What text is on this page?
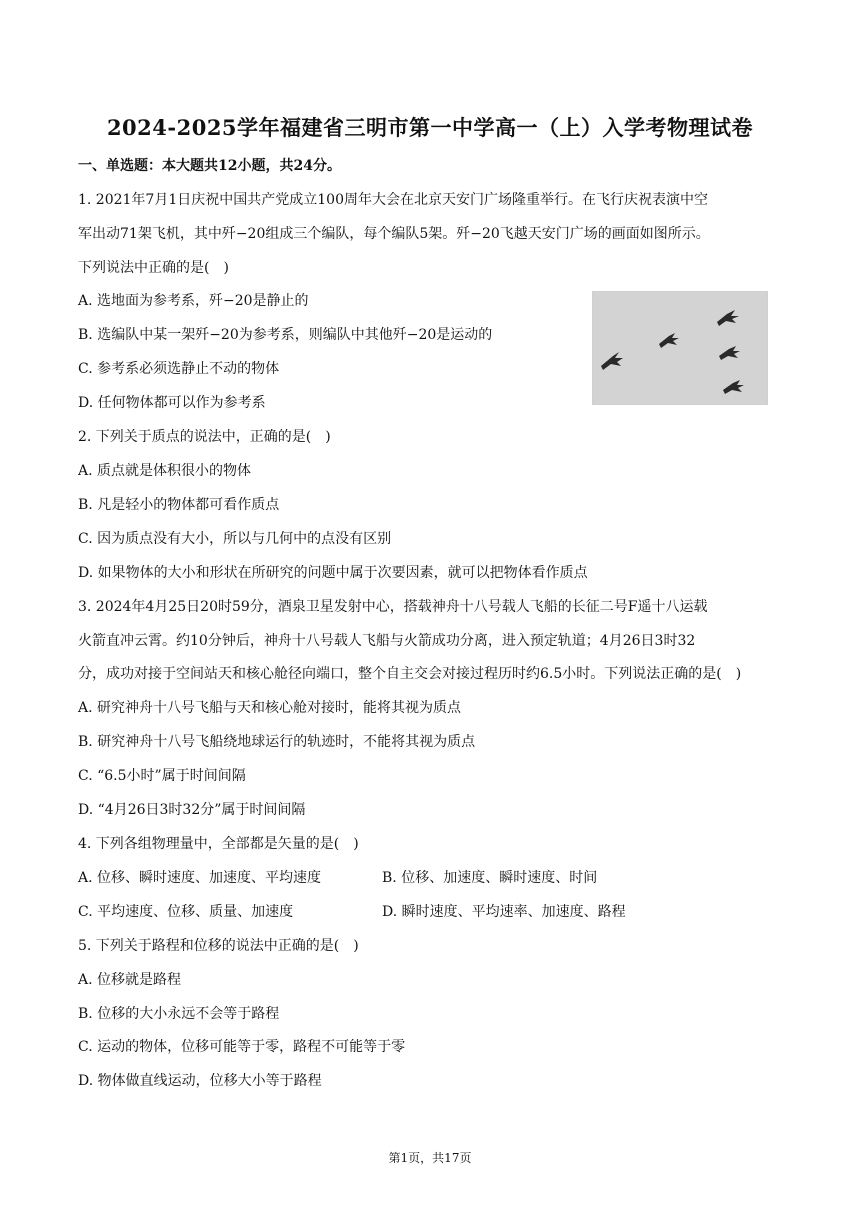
2024-2025学年福建省三明市第一中学高一（上）入学考物理试卷
一、单选题：本大题共12小题，共24分。
1. 2021年7月1日庆祝中国共产党成立100周年大会在北京天安门广场隆重举行。在飞行庆祝表演中空
军出动71架飞机，其中歼−20组成三个编队，每个编队5架。歼−20飞越天安门广场的画面如图所示。
下列说法中正确的是(　)
A. 选地面为参考系，歼−20是静止的
B. 选编队中某一架歼−20为参考系，则编队中其他歼−20是运动的
C. 参考系必须选静止不动的物体
D. 任何物体都可以作为参考系
2. 下列关于质点的说法中，正确的是(　)
A. 质点就是体积很小的物体
B. 凡是轻小的物体都可看作质点
C. 因为质点没有大小，所以与几何中的点没有区别
D. 如果物体的大小和形状在所研究的问题中属于次要因素，就可以把物体看作质点
3. 2024年4月25日20时59分，酒泉卫星发射中心，搭载神舟十八号载人飞船的长征二号F遥十八运载
火箭直冲云霄。约10分钟后，神舟十八号载人飞船与火箭成功分离，进入预定轨道；4月26日3时32
分，成功对接于空间站天和核心舱径向端口，整个自主交会对接过程历时约6.5小时。下列说法正确的是(　)
A. 研究神舟十八号飞船与天和核心舱对接时，能将其视为质点
B. 研究神舟十八号飞船绕地球运行的轨迹时，不能将其视为质点
C. “6.5小时”属于时间间隔
D. “4月26日3时32分”属于时间间隔
4. 下列各组物理量中，全部都是矢量的是(　)
A. 位移、瞬时速度、加速度、平均速度	B. 位移、加速度、瞬时速度、时间
C. 平均速度、位移、质量、加速度	D. 瞬时速度、平均速率、加速度、路程
5. 下列关于路程和位移的说法中正确的是(　)
A. 位移就是路程
B. 位移的大小永远不会等于路程
C. 运动的物体，位移可能等于零，路程不可能等于零
D. 物体做直线运动，位移大小等于路程
第1页，共17页
